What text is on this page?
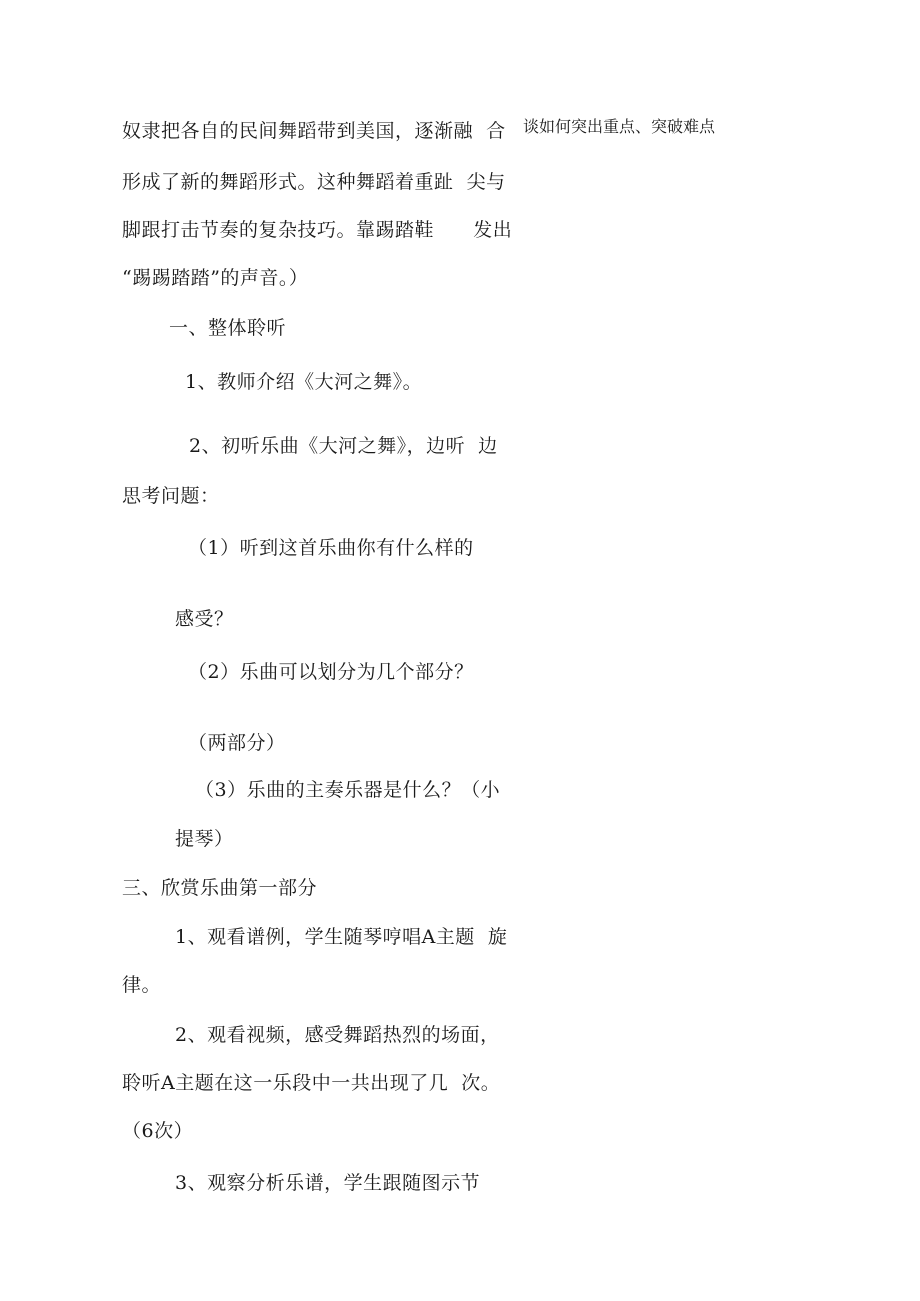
谈如何突出重点、突破难点
奴隶把各自的民间舞蹈带到美国，逐渐融  合
形成了新的舞蹈形式。这种舞蹈着重趾  尖与
脚跟打击节奏的复杂技巧。靠踢踏鞋      发出
“踢踢踏踏”的声音。）
一、整体聆听
1、教师介绍《大河之舞》。
2、初听乐曲《大河之舞》，边听  边
思考问题：
（1）听到这首乐曲你有什么样的
感受？
（2）乐曲可以划分为几个部分？
（两部分）
（3）乐曲的主奏乐器是什么？（小
提琴）
三、欣赏乐曲第一部分
1、观看谱例，学生随琴哼唱A主题  旋
律。
2、观看视频，感受舞蹈热烈的场面，
聆听A主题在这一乐段中一共出现了几  次。
（6次）
3、观察分析乐谱，学生跟随图示节
